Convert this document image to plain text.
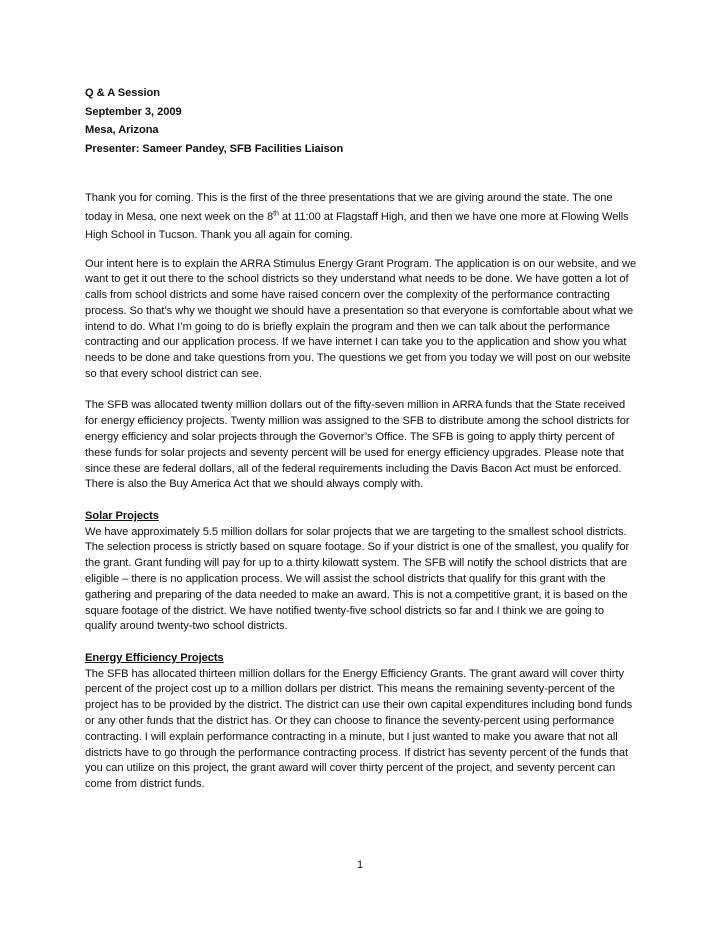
Q & A Session
September 3, 2009
Mesa, Arizona
Presenter: Sameer Pandey, SFB Facilities Liaison

Thank you for coming. This is the first of the three presentations that we are giving around the state. The one today in Mesa, one next week on the 8th at 11:00 at Flagstaff High, and then we have one more at Flowing Wells High School in Tucson. Thank you all again for coming.

Our intent here is to explain the ARRA Stimulus Energy Grant Program. The application is on our website, and we want to get it out there to the school districts so they understand what needs to be done. We have gotten a lot of calls from school districts and some have raised concern over the complexity of the performance contracting process. So that’s why we thought we should have a presentation so that everyone is comfortable about what we intend to do. What I’m going to do is briefly explain the program and then we can talk about the performance contracting and our application process. If we have internet I can take you to the application and show you what needs to be done and take questions from you. The questions we get from you today we will post on our website so that every school district can see.

The SFB was allocated twenty million dollars out of the fifty-seven million in ARRA funds that the State received for energy efficiency projects. Twenty million was assigned to the SFB to distribute among the school districts for energy efficiency and solar projects through the Governor’s Office. The SFB is going to apply thirty percent of these funds for solar projects and seventy percent will be used for energy efficiency upgrades. Please note that since these are federal dollars, all of the federal requirements including the Davis Bacon Act must be enforced. There is also the Buy America Act that we should always comply with.

Solar Projects
We have approximately 5.5 million dollars for solar projects that we are targeting to the smallest school districts. The selection process is strictly based on square footage. So if your district is one of the smallest, you qualify for the grant. Grant funding will pay for up to a thirty kilowatt system. The SFB will notify the school districts that are eligible – there is no application process. We will assist the school districts that qualify for this grant with the gathering and preparing of the data needed to make an award. This is not a competitive grant, it is based on the square footage of the district. We have notified twenty-five school districts so far and I think we are going to qualify around twenty-two school districts.

Energy Efficiency Projects
The SFB has allocated thirteen million dollars for the Energy Efficiency Grants. The grant award will cover thirty percent of the project cost up to a million dollars per district. This means the remaining seventy-percent of the project has to be provided by the district. The district can use their own capital expenditures including bond funds or any other funds that the district has. Or they can choose to finance the seventy-percent using performance contracting. I will explain performance contracting in a minute, but I just wanted to make you aware that not all districts have to go through the performance contracting process. If district has seventy percent of the funds that you can utilize on this project, the grant award will cover thirty percent of the project, and seventy percent can come from district funds.

1
